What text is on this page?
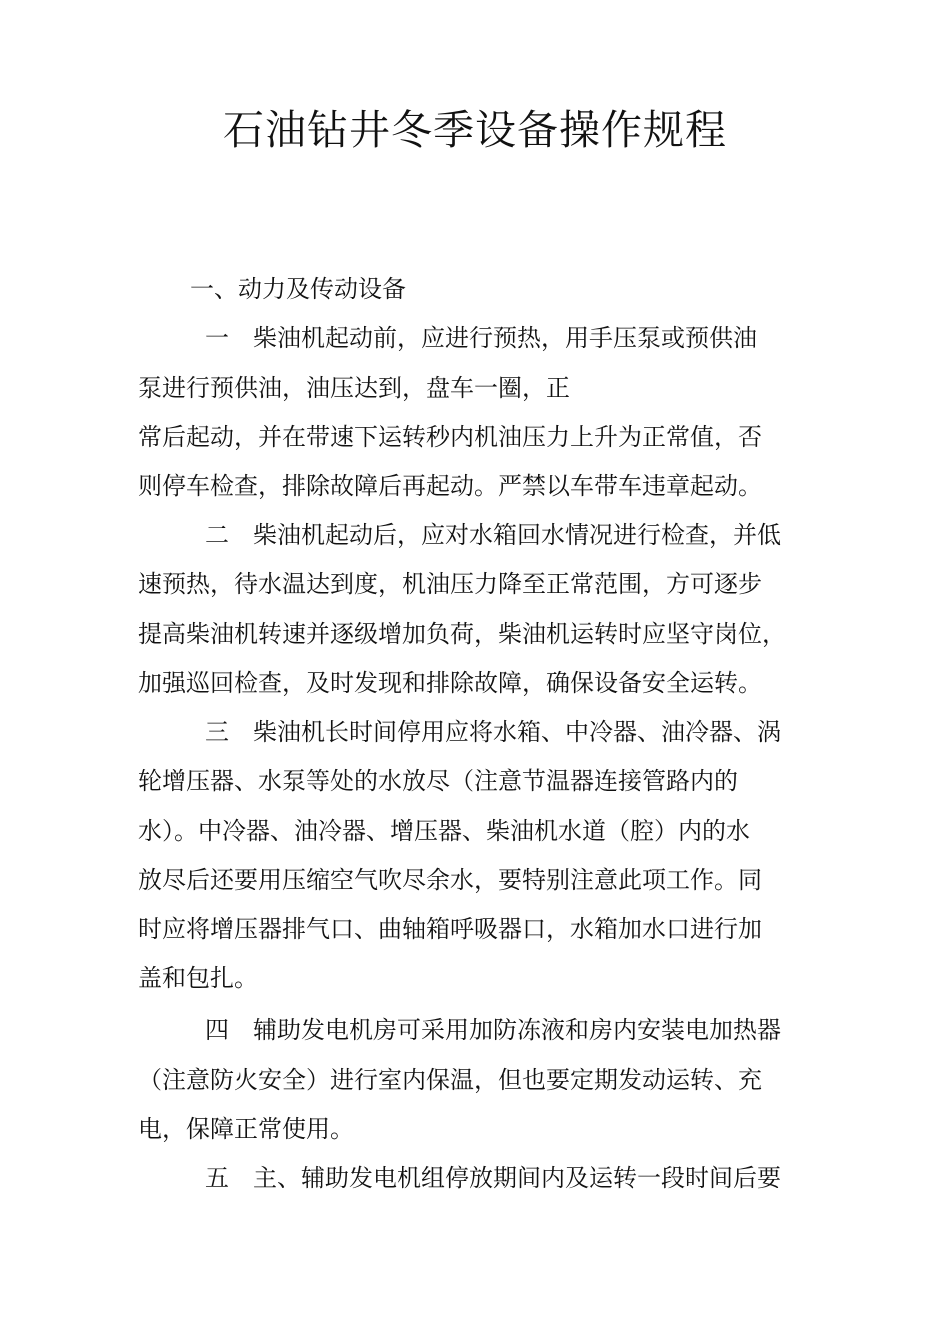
石油钻井冬季设备操作规程
一、动力及传动设备
一　柴油机起动前，应进行预热，用手压泵或预供油
泵进行预供油，油压达到，盘车一圈，正
常后起动，并在带速下运转秒内机油压力上升为正常值，否
则停车检查，排除故障后再起动。严禁以车带车违章起动。
二　柴油机起动后，应对水箱回水情况进行检查，并低
速预热，待水温达到度，机油压力降至正常范围，方可逐步
提高柴油机转速并逐级增加负荷，柴油机运转时应坚守岗位，
加强巡回检查，及时发现和排除故障，确保设备安全运转。
三　柴油机长时间停用应将水箱、中冷器、油冷器、涡
轮增压器、水泵等处的水放尽（注意节温器连接管路内的
水）。中冷器、油冷器、增压器、柴油机水道（腔）内的水
放尽后还要用压缩空气吹尽余水，要特别注意此项工作。同
时应将增压器排气口、曲轴箱呼吸器口，水箱加水口进行加
盖和包扎。
四　辅助发电机房可采用加防冻液和房内安装电加热器
（注意防火安全）进行室内保温，但也要定期发动运转、充
电，保障正常使用。
五　主、辅助发电机组停放期间内及运转一段时间后要
